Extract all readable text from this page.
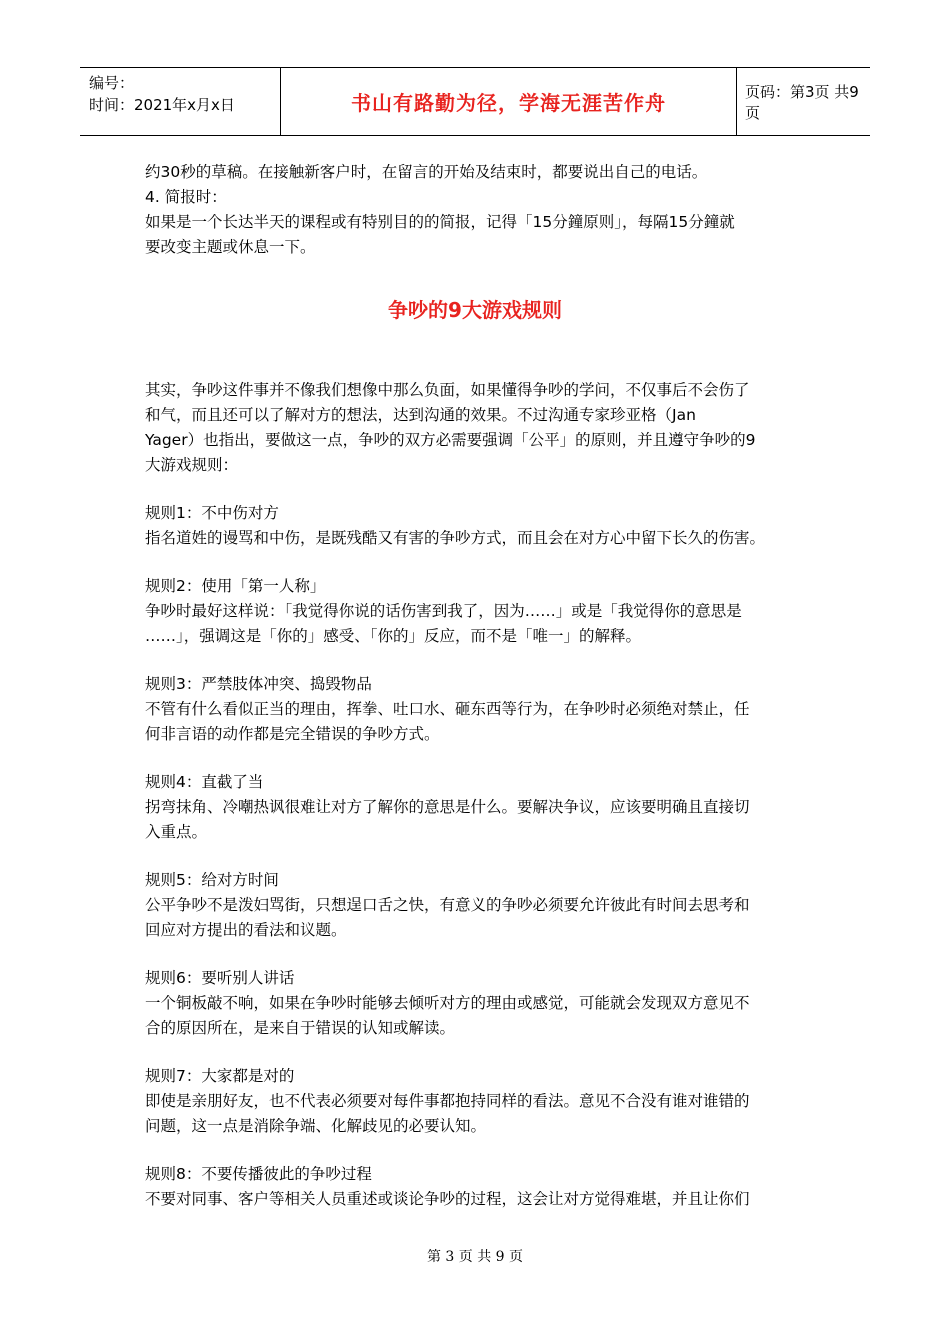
编号：
时间：2021年x月x日	书山有路勤为径，学海无涯苦作舟	页码：第3页 共9页

约30秒的草稿。在接触新客户时，在留言的开始及结束时，都要说出自己的电话。

4. 简报时：

如果是一个长达半天的课程或有特别目的的简报，记得「15分鐘原则」，每隔15分鐘就

要改变主题或休息一下。

争吵的9大游戏规则

其实，争吵这件事并不像我们想像中那么负面，如果懂得争吵的学问，不仅事后不会伤了

和气，而且还可以了解对方的想法，达到沟通的效果。不过沟通专家珍亚格（Jan

Yager）也指出，要做这一点，争吵的双方必需要强调「公平」的原则，并且遵守争吵的9

大游戏规则：

规则1：不中伤对方

指名道姓的谩骂和中伤，是既残酷又有害的争吵方式，而且会在对方心中留下长久的伤害。

规则2：使用「第一人称」

争吵时最好这样说：「我觉得你说的话伤害到我了，因为……」或是「我觉得你的意思是

……」，强调这是「你的」感受、「你的」反应，而不是「唯一」的解释。

规则3：严禁肢体冲突、捣毁物品

不管有什么看似正当的理由，挥拳、吐口水、砸东西等行为，在争吵时必须绝对禁止，任

何非言语的动作都是完全错误的争吵方式。

规则4：直截了当

拐弯抹角、冷嘲热讽很难让对方了解你的意思是什么。要解决争议，应该要明确且直接切

入重点。

规则5：给对方时间

公平争吵不是泼妇骂街，只想逞口舌之快，有意义的争吵必须要允许彼此有时间去思考和

回应对方提出的看法和议题。

规则6：要听别人讲话

一个铜板敲不响，如果在争吵时能够去倾听对方的理由或感觉，可能就会发现双方意见不

合的原因所在，是来自于错误的认知或解读。

规则7：大家都是对的

即使是亲朋好友，也不代表必须要对每件事都抱持同样的看法。意见不合没有谁对谁错的

问题，这一点是消除争端、化解歧见的必要认知。

规则8：不要传播彼此的争吵过程

不要对同事、客户等相关人员重述或谈论争吵的过程，这会让对方觉得难堪，并且让你们

第 3 页 共 9 页
